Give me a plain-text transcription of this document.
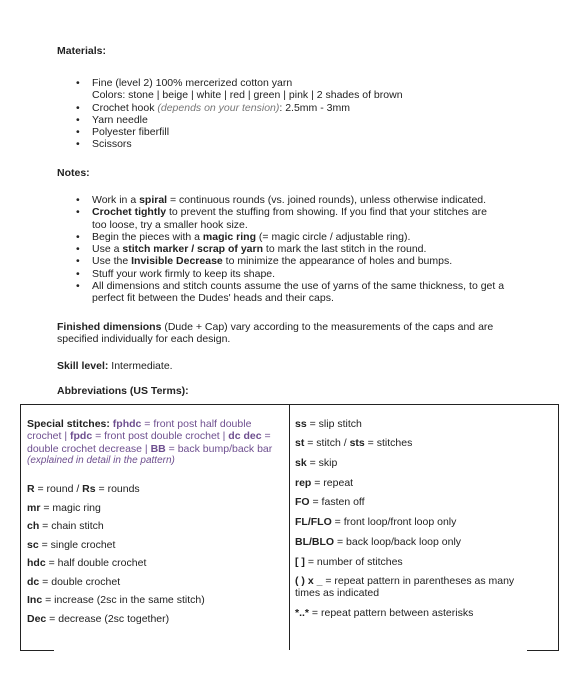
Materials:
• Fine (level 2) 100% mercerized cotton yarn
Colors: stone | beige | white | red | green | pink | 2 shades of brown
• Crochet hook (depends on your tension): 2.5mm - 3mm
• Yarn needle
• Polyester fiberfill
• Scissors
Notes:
• Work in a spiral = continuous rounds (vs. joined rounds), unless otherwise indicated.
• Crochet tightly to prevent the stuffing from showing. If you find that your stitches are
too loose, try a smaller hook size.
• Begin the pieces with a magic ring (= magic circle / adjustable ring).
• Use a stitch marker / scrap of yarn to mark the last stitch in the round.
• Use the Invisible Decrease to minimize the appearance of holes and bumps.
• Stuff your work firmly to keep its shape.
• All dimensions and stitch counts assume the use of yarns of the same thickness, to get a
perfect fit between the Dudes' heads and their caps.
Finished dimensions (Dude + Cap) vary according to the measurements of the caps and are
specified individually for each design.
Skill level: Intermediate.
Abbreviations (US Terms):
Special stitches: fphdc = front post half double
crochet | fpdc = front post double crochet | dc dec =
double crochet decrease | BB = back bump/back bar
(explained in detail in the pattern)
R = round / Rs = rounds
mr = magic ring
ch = chain stitch
sc = single crochet
hdc = half double crochet
dc = double crochet
Inc = increase (2sc in the same stitch)
Dec = decrease (2sc together)
ss = slip stitch
st = stitch / sts = stitches
sk = skip
rep = repeat
FO = fasten off
FL/FLO = front loop/front loop only
BL/BLO = back loop/back loop only
[ ] = number of stitches
( ) x _ = repeat pattern in parentheses as many
times as indicated
*..* = repeat pattern between asterisks
